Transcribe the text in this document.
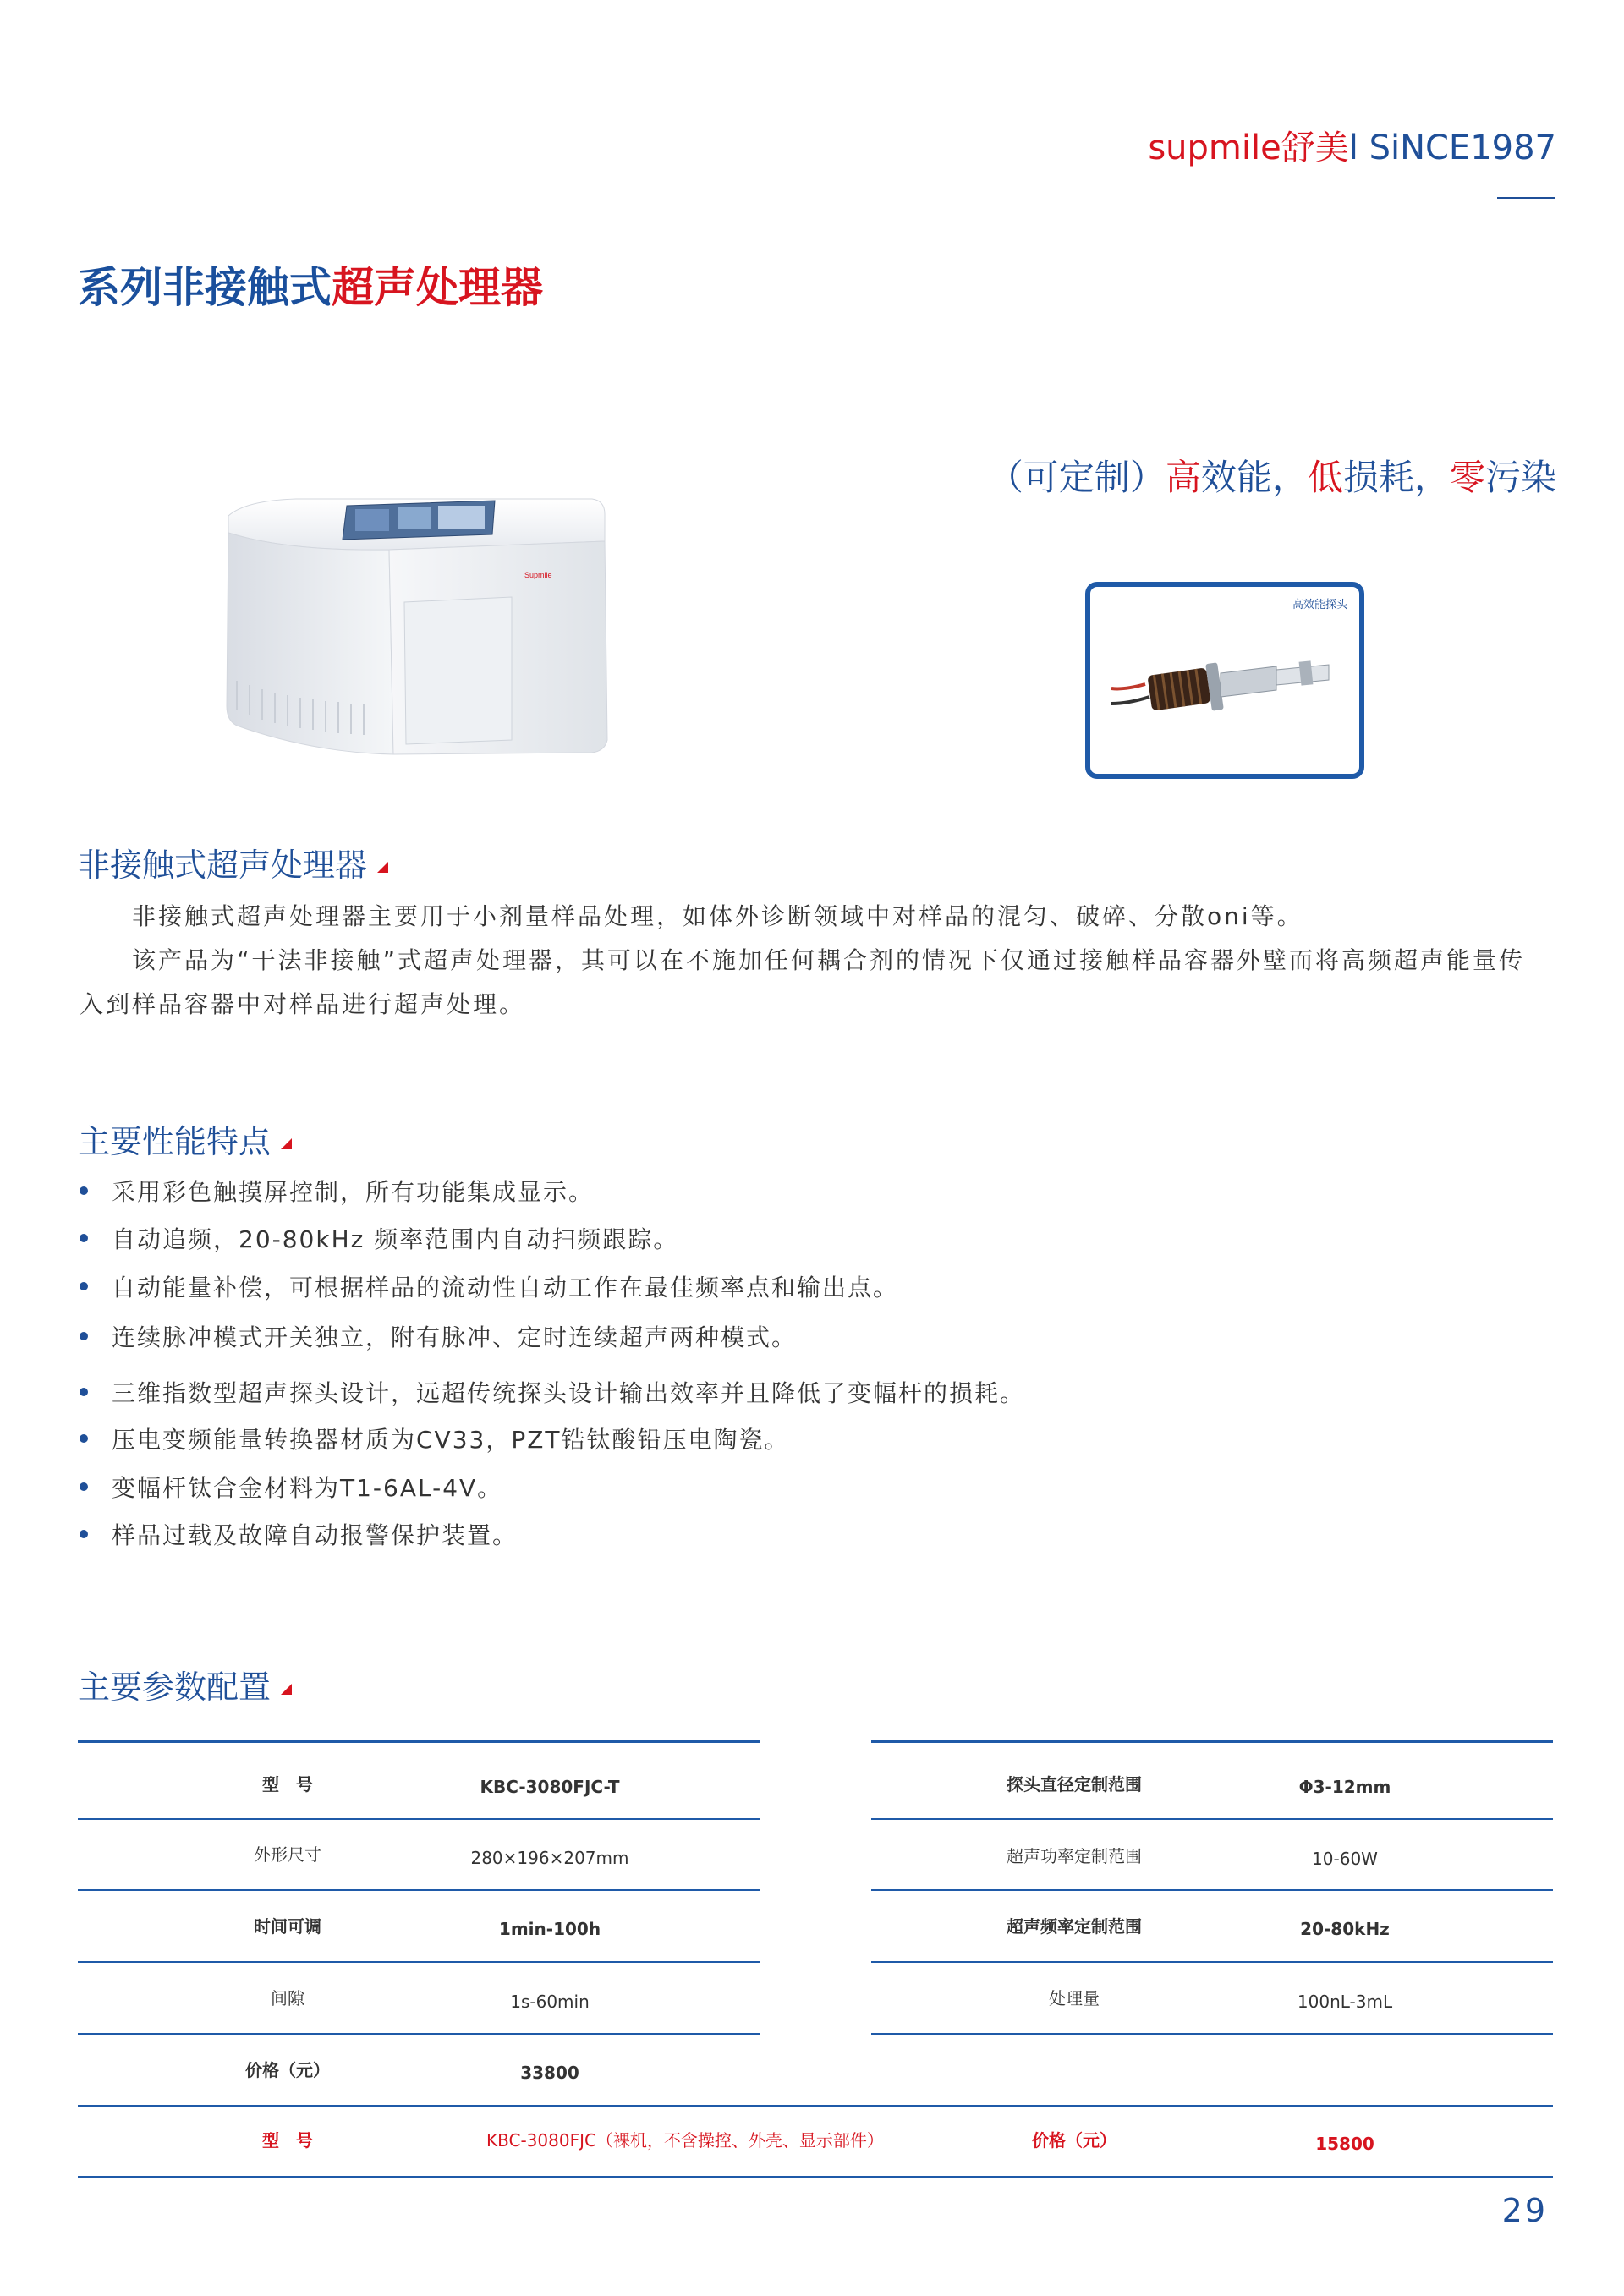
supmile舒美l SiNCE1987
系列非接触式超声处理器
（可定制）高效能，低损耗，零污染
Supmile
高效能探头
非接触式超声处理器
非接触式超声处理器主要用于小剂量样品处理，如体外诊断领域中对样品的混匀、破碎、分散oni等。
该产品为“干法非接触”式超声处理器，其可以在不施加任何耦合剂的情况下仅通过接触样品容器外壁而将高频超声能量传入到样品容器中对样品进行超声处理。
主要性能特点
采用彩色触摸屏控制，所有功能集成显示。
自动追频，20-80kHz 频率范围内自动扫频跟踪。
自动能量补偿，可根据样品的流动性自动工作在最佳频率点和输出点。
连续脉冲模式开关独立，附有脉冲、定时连续超声两种模式。
三维指数型超声探头设计，远超传统探头设计输出效率并且降低了变幅杆的损耗。
压电变频能量转换器材质为CV33，PZT锆钛酸铅压电陶瓷。
变幅杆钛合金材料为T1-6AL-4V。
样品过载及故障自动报警保护装置。
主要参数配置
型　号	KBC-3080FJC-T
外形尺寸	280×196×207mm
时间可调	1min-100h
间隙	1s-60min
探头直径定制范围	Φ3-12mm
超声功率定制范围	10-60W
超声频率定制范围	20-80kHz
处理量	100nL-3mL
价格（元）	33800
型　号	KBC-3080FJC（裸机，不含操控、外壳、显示部件）	价格（元）	15800
29
